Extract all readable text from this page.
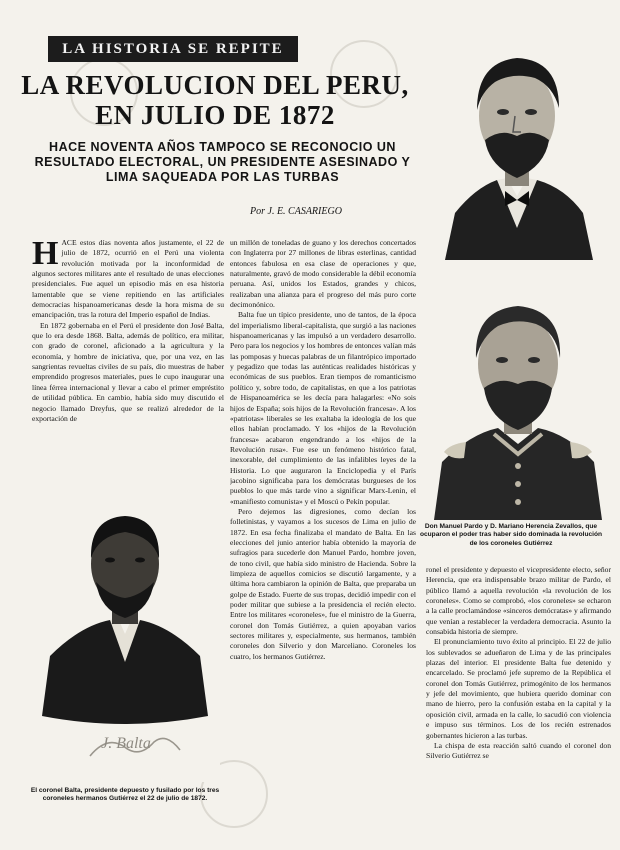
LA HISTORIA SE REPITE
LA REVOLUCION DEL PERU,
EN JULIO DE 1872
HACE NOVENTA AÑOS TAMPOCO SE RECONOCIO UN RESULTADO ELECTORAL, UN PRESIDENTE ASESINADO Y LIMA SAQUEADA POR LAS TURBAS
Por J. E. CASARIEGO
H ACE estos días noventa años justamente, el 22 de julio de 1872, ocurrió en el Perú una violenta revolución motivada por la inconformidad de algunos sectores militares ante el resultado de unas elecciones presidenciales. Fue aquel un episodio más en esa historia lamentable que se viene repitiendo en las artificiales democracias hispanoamericanas desde la hora misma de su emancipación, tras la rotura del Imperio español de Indias.

En 1872 gobernaba en el Perú el presidente don José Balta, que lo era desde 1868. Balta, además de político, era militar, con grado de coronel, aficionado a la agricultura y la economía, y hombre de iniciativa, que, por una vez, en las sangrientas revueltas civiles de su país, dio muestras de haber emprendido progresos materiales, pues le cupo inaugurar una línea férrea internacional y llevar a cabo el primer empréstito de utilidad pública. En cambio, había sido muy discutido el negocio llamado Dreyfus, que se realizó alrededor de la exportación de

un millón de toneladas de guano y los derechos concertados con Inglaterra por 27 millones de libras esterlinas, cantidad entonces fabulosa en esa clase de operaciones y que, naturalmente, gravó de modo considerable la débil economía peruana. Así, unidos los Estados, grandes y chicos, realizaban una alianza para el progreso del más puro corte decimonónico.

Balta fue un típico presidente, uno de tantos, de la época del imperialismo liberal-capitalista, que surgió a las naciones hispanoamericanas y las impulsó a un verdadero desarrollo. Pero para los negocios y los hombres de entonces valían más las pomposas y huecas palabras de un filantrópico importado y pegadizo que todas las auténticas realidades históricas y económicas de sus pueblos. Eran tiempos de romanticismo político y, sobre todo, de capitalistas, en que a los patriotas de Hispanoamérica se les decía para halagarles: «No sois hijos de España; sois hijos de la Revolución francesa». A los «patriotas» liberales se les exaltaba la ideología de los que ellos habían proclamado. Y los «hijos de la Revolución francesa» acabaron engendrando a los «hijos de la Revolución rusa». Fue ese un fenómeno histórico fatal, inexorable, del cumplimiento de las infalibles leyes de la Historia. Lo que auguraron la Enciclopedia y el París jacobino significaba para los demócratas burgueses de los pueblos lo que más tarde vino a significar Marx-Lenin, el «manifiesto comunista» y el Moscú o Pekín popular.

Pero dejemos las digresiones, como decían los folletinistas, y vayamos a los sucesos de Lima en julio de 1872. En esa fecha finalizaba el mandato de Balta. En las elecciones del junio anterior había obtenido la mayoría de sufragios para sucederle don Manuel Pardo, hombre joven, de tono civil, que había sido ministro de Hacienda. Sobre la limpieza de aquellos comicios se discutió largamente, y a última hora cambiaron la opinión de Balta, que preparaba un golpe de Estado. Fuerte de sus tropas, decidió impedir con el poder militar que subiese a la presidencia el recién electo. Entre los militares «coroneles», fue el ministro de la Guerra, coronel don Tomás Gutiérrez, a quien apoyaban varios sectores militares y, especialmente, sus hermanos, también coroneles don Silverio y don Marceliano. Coroneles los cuatro, los hermanos Gutiérrez.

ronel el presidente y depuesto el vicepresidente electo, señor Herencia, que era indispensable brazo militar de Pardo, el público llamó a aquella revolución «la revolución de los coroneles». Como se comprobó, «los coroneles» se echaron a la calle proclamándose «sinceros demócratas» y afirmando que venían a restablecer la verdadera democracia. Asunto la consabida historia de siempre.

El pronunciamiento tuvo éxito al principio. El 22 de julio los sublevados se adueñaron de Lima y de las principales plazas del interior. El presidente Balta fue detenido y encarcelado. Se proclamó jefe supremo de la República el coronel don Tomás Gutiérrez, primogénito de los hermanos y jefe del movimiento, que hubiera querido dominar con mano de hierro, pero la confusión estaba en la capital y la oposición civil, armada en la calle, lo sacudió con violencia e impuso sus términos. Los de los recién estrenados gobernantes hicieron a las turbas.

La chispa de esta reacción saltó cuando el coronel don Silverio Gutiérrez se

J. Balta
Don Manuel Pardo y D. Mariano Herencia Zevallos, que ocuparon el poder tras haber sido dominada la revolución de los coroneles Gutiérrez
El coronel Balta, presidente depuesto y fusilado por los tres coroneles hermanos Gutiérrez el 22 de julio de 1872.
